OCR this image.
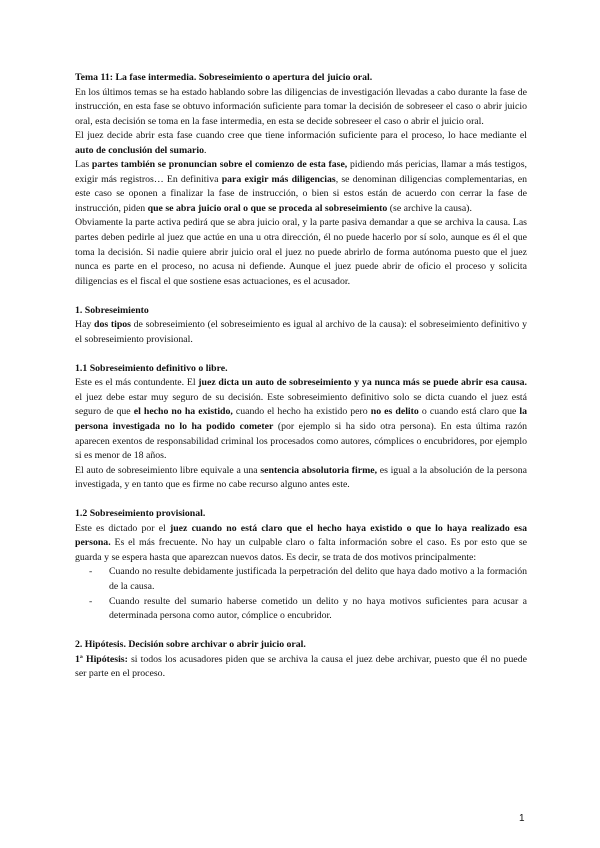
Tema 11: La fase intermedia. Sobreseimiento o apertura del juicio oral.

En los últimos temas se ha estado hablando sobre las diligencias de investigación llevadas a cabo durante la fase de instrucción, en esta fase se obtuvo información suficiente para tomar la decisión de sobreseer el caso o abrir juicio oral, esta decisión se toma en la fase intermedia, en esta se decide sobreseer el caso o abrir el juicio oral.

El juez decide abrir esta fase cuando cree que tiene información suficiente para el proceso, lo hace mediante el auto de conclusión del sumario.

Las partes también se pronuncian sobre el comienzo de esta fase, pidiendo más pericias, llamar a más testigos, exigir más registros… En definitiva para exigir más diligencias, se denominan diligencias complementarias, en este caso se oponen a finalizar la fase de instrucción, o bien si estos están de acuerdo con cerrar la fase de instrucción, piden que se abra juicio oral o que se proceda al sobreseimiento (se archive la causa).

Obviamente la parte activa pedirá que se abra juicio oral, y la parte pasiva demandar a que se archiva la causa. Las partes deben pedirle al juez que actúe en una u otra dirección, él no puede hacerlo por sí solo, aunque es él el que toma la decisión. Si nadie quiere abrir juicio oral el juez no puede abrirlo de forma autónoma puesto que el juez nunca es parte en el proceso, no acusa ni defiende. Aunque el juez puede abrir de oficio el proceso y solicita diligencias es el fiscal el que sostiene esas actuaciones, es el acusador.

1. Sobreseimiento

Hay dos tipos de sobreseimiento (el sobreseimiento es igual al archivo de la causa): el sobreseimiento definitivo y el sobreseimiento provisional.

1.1 Sobreseimiento definitivo o libre.

Este es el más contundente. El juez dicta un auto de sobreseimiento y ya nunca más se puede abrir esa causa. el juez debe estar muy seguro de su decisión. Este sobreseimiento definitivo solo se dicta cuando el juez está seguro de que el hecho no ha existido, cuando el hecho ha existido pero no es delito o cuando está claro que la persona investigada no lo ha podido cometer (por ejemplo si ha sido otra persona). En esta última razón aparecen exentos de responsabilidad criminal los procesados como autores, cómplices o encubridores, por ejemplo si es menor de 18 años.

El auto de sobreseimiento libre equivale a una sentencia absolutoria firme, es igual a la absolución de la persona investigada, y en tanto que es firme no cabe recurso alguno antes este.

1.2 Sobreseimiento provisional.

Este es dictado por el juez cuando no está claro que el hecho haya existido o que lo haya realizado esa persona. Es el más frecuente. No hay un culpable claro o falta información sobre el caso. Es por esto que se guarda y se espera hasta que aparezcan nuevos datos. Es decir, se trata de dos motivos principalmente:

- Cuando no resulte debidamente justificada la perpetración del delito que haya dado motivo a la formación de la causa.
- Cuando resulte del sumario haberse cometido un delito y no haya motivos suficientes para acusar a determinada persona como autor, cómplice o encubridor.
2. Hipótesis. Decisión sobre archivar o abrir juicio oral.

1ª Hipótesis: si todos los acusadores piden que se archiva la causa el juez debe archivar, puesto que él no puede ser parte en el proceso.

1
